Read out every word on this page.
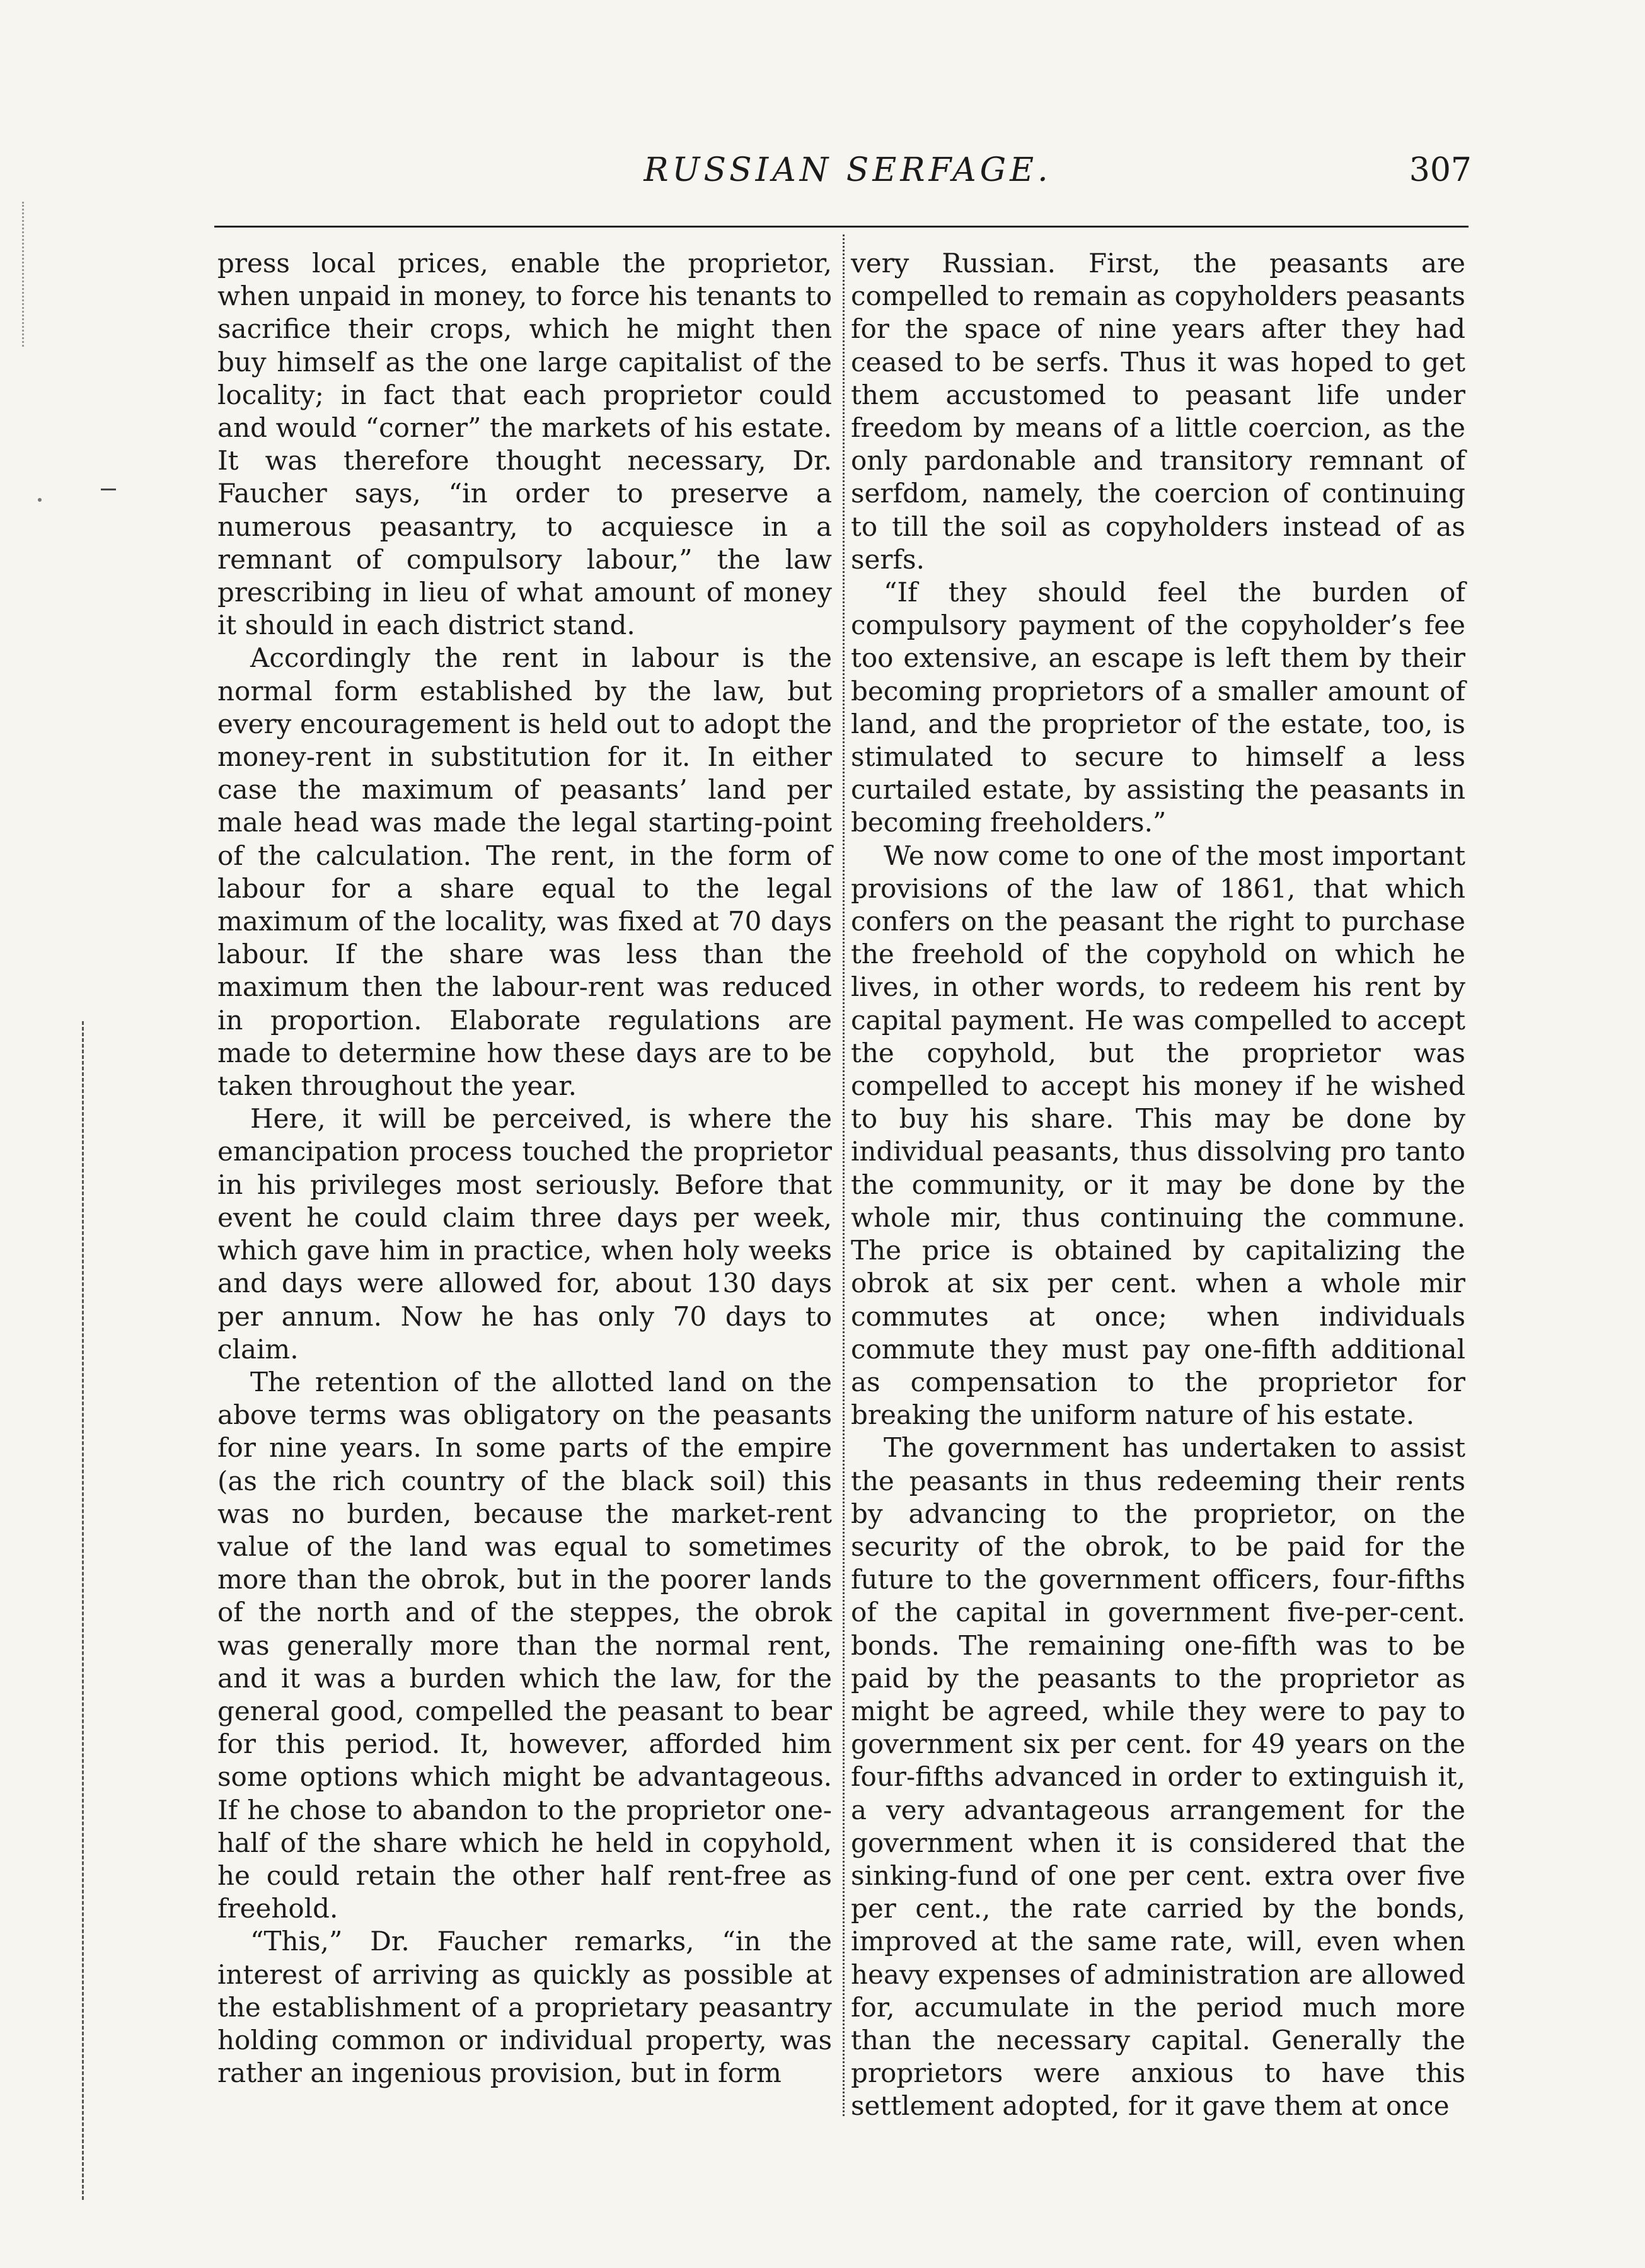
RUSSIAN SERFAGE.	307

press local prices, enable the proprietor, when unpaid in money, to force his tenants to sacrifice their crops, which he might then buy himself as the one large capitalist of the locality; in fact that each proprietor could and would “corner” the markets of his estate. It was therefore thought necessary, Dr. Faucher says, “in order to preserve a numerous peasantry, to acquiesce in a remnant of compulsory labour,” the law prescribing in lieu of what amount of money it should in each district stand.

Accordingly the rent in labour is the normal form established by the law, but every encouragement is held out to adopt the money-rent in substitution for it. In either case the maximum of peasants’ land per male head was made the legal starting-point of the calculation. The rent, in the form of labour for a share equal to the legal maximum of the locality, was fixed at 70 days labour. If the share was less than the maximum then the labour-rent was reduced in proportion. Elaborate regulations are made to determine how these days are to be taken throughout the year.

Here, it will be perceived, is where the emancipation process touched the proprietor in his privileges most seriously. Before that event he could claim three days per week, which gave him in practice, when holy weeks and days were allowed for, about 130 days per annum. Now he has only 70 days to claim.

The retention of the allotted land on the above terms was obligatory on the peasants for nine years. In some parts of the empire (as the rich country of the black soil) this was no burden, because the market-rent value of the land was equal to sometimes more than the obrok, but in the poorer lands of the north and of the steppes, the obrok was generally more than the normal rent, and it was a burden which the law, for the general good, compelled the peasant to bear for this period. It, however, afforded him some options which might be advantageous. If he chose to abandon to the proprietor one-half of the share which he held in copyhold, he could retain the other half rent-free as freehold.

“This,” Dr. Faucher remarks, “in the interest of arriving as quickly as possible at the establishment of a proprietary peasantry holding common or individual property, was rather an ingenious provision, but in form

very Russian. First, the peasants are compelled to remain as copyholders peasants for the space of nine years after they had ceased to be serfs. Thus it was hoped to get them accustomed to peasant life under freedom by means of a little coercion, as the only pardonable and transitory remnant of serfdom, namely, the coercion of continuing to till the soil as copyholders instead of as serfs.

“If they should feel the burden of compulsory payment of the copyholder’s fee too extensive, an escape is left them by their becoming proprietors of a smaller amount of land, and the proprietor of the estate, too, is stimulated to secure to himself a less curtailed estate, by assisting the peasants in becoming freeholders.”

We now come to one of the most important provisions of the law of 1861, that which confers on the peasant the right to purchase the freehold of the copyhold on which he lives, in other words, to redeem his rent by capital payment. He was compelled to accept the copyhold, but the proprietor was compelled to accept his money if he wished to buy his share. This may be done by individual peasants, thus dissolving pro tanto the community, or it may be done by the whole mir, thus continuing the commune. The price is obtained by capitalizing the obrok at six per cent. when a whole mir commutes at once; when individuals commute they must pay one-fifth additional as compensation to the proprietor for breaking the uniform nature of his estate.

The government has undertaken to assist the peasants in thus redeeming their rents by advancing to the proprietor, on the security of the obrok, to be paid for the future to the government officers, four-fifths of the capital in government five-per-cent. bonds. The remaining one-fifth was to be paid by the peasants to the proprietor as might be agreed, while they were to pay to government six per cent. for 49 years on the four-fifths advanced in order to extinguish it, a very advantageous arrangement for the government when it is considered that the sinking-fund of one per cent. extra over five per cent., the rate carried by the bonds, improved at the same rate, will, even when heavy expenses of administration are allowed for, accumulate in the period much more than the necessary capital. Generally the proprietors were anxious to have this settlement adopted, for it gave them at once
